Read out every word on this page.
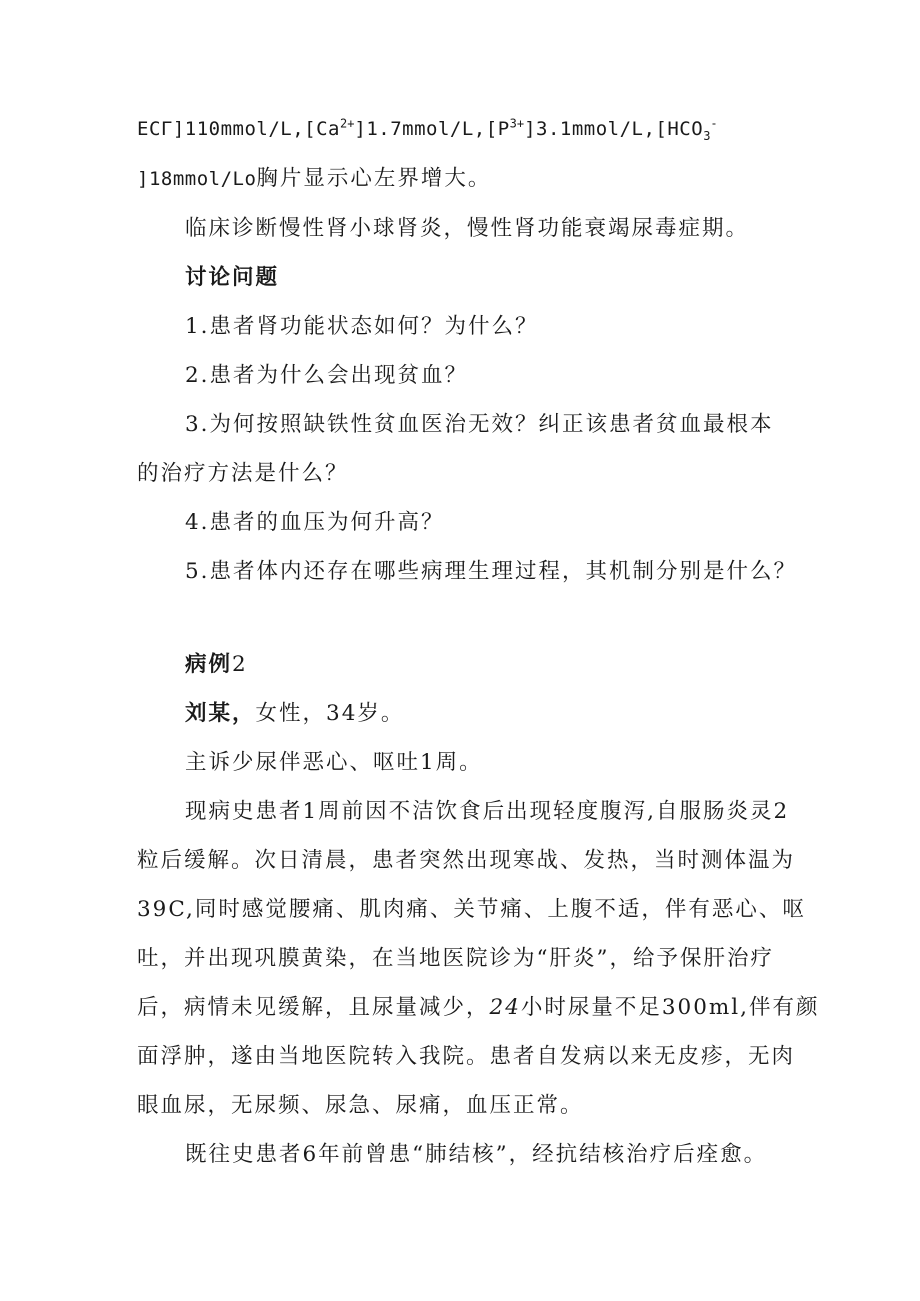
$EC\Gamma]110mmol/L,[Ca^{2+}]1.7mmol/L,[P^{3+}]3.1mmol/L,[HCO_3^-$
]18mmol/Lo胸片显示心左界增大。
临床诊断慢性肾小球肾炎，慢性肾功能衰竭尿毒症期。
讨论问题
1.患者肾功能状态如何？为什么？
2.患者为什么会出现贫血？
3.为何按照缺铁性贫血医治无效？纠正该患者贫血最根本
的治疗方法是什么？
4.患者的血压为何升高？
5.患者体内还存在哪些病理生理过程，其机制分别是什么？
病例2
刘某，女性，34岁。
主诉少尿伴恶心、呕吐1周。
现病史患者1周前因不洁饮食后出现轻度腹泻,自服肠炎灵2
粒后缓解。次日清晨，患者突然出现寒战、发热，当时测体温为
39C,同时感觉腰痛、肌肉痛、关节痛、上腹不适，伴有恶心、呕
吐，并出现巩膜黄染，在当地医院诊为“肝炎”，给予保肝治疗
后，病情未见缓解，且尿量减少，24小时尿量不足300ml,伴有颜
面浮肿，遂由当地医院转入我院。患者自发病以来无皮疹，无肉
眼血尿，无尿频、尿急、尿痛，血压正常。
既往史患者6年前曾患“肺结核”，经抗结核治疗后痊愈。
